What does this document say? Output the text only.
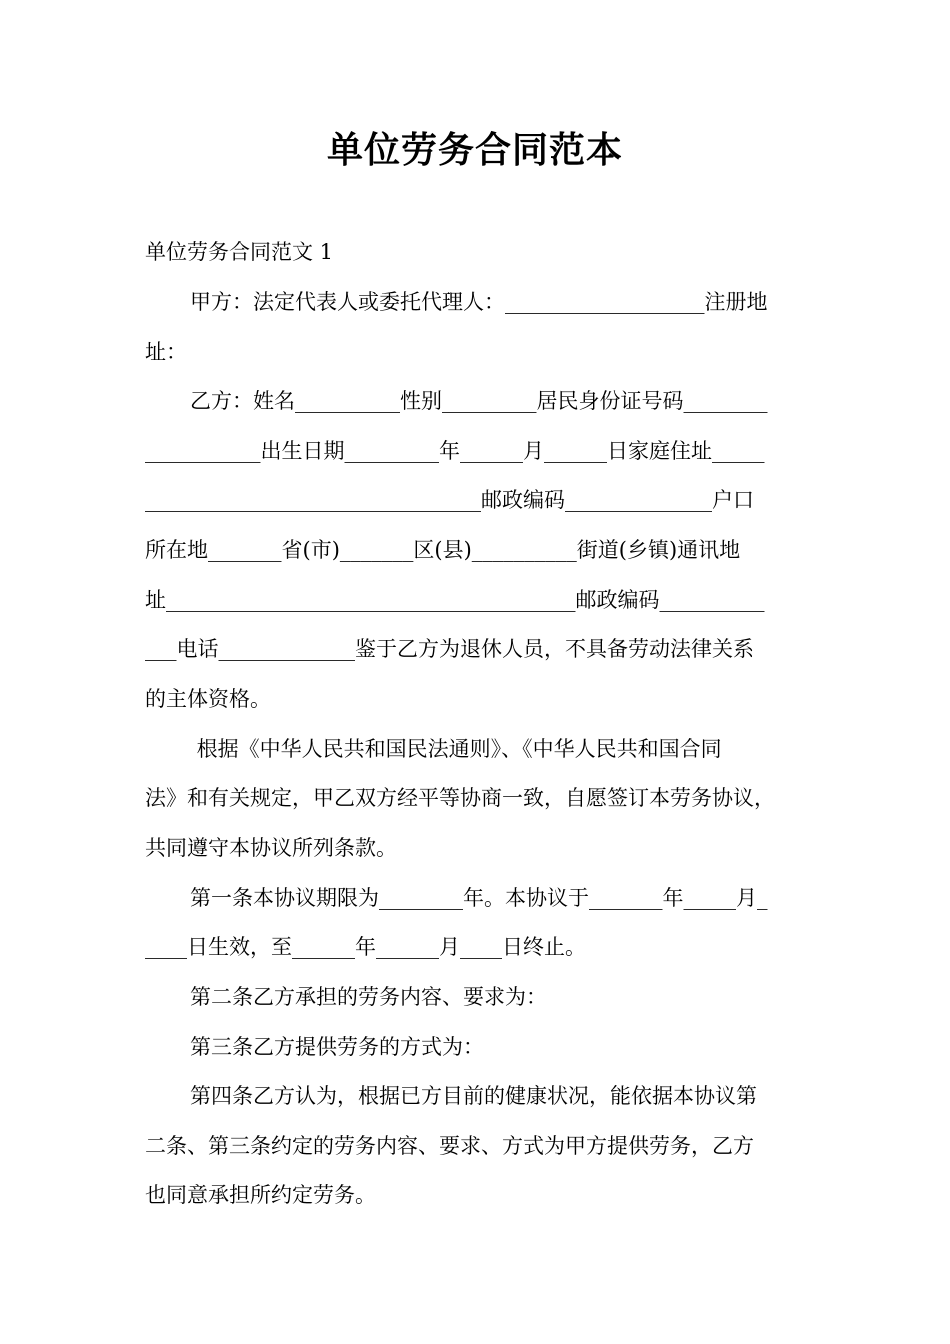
单位劳务合同范本
单位劳务合同范文 1
甲方：法定代表人或委托代理人：___________________注册地
址：
乙方：姓名__________性别_________居民身份证号码________
___________出生日期_________年______月______日家庭住址_____
________________________________邮政编码______________户口
所在地_______省(市)_______区(县)__________街道(乡镇)通讯地
址_______________________________________邮政编码__________
___电话_____________鉴于乙方为退休人员，不具备劳动法律关系
的主体资格。
根据《中华人民共和国民法通则》、《中华人民共和国合同
法》和有关规定，甲乙双方经平等协商一致，自愿签订本劳务协议，
共同遵守本协议所列条款。
第一条本协议期限为________年。本协议于_______年_____月_
____日生效，至______年______月____日终止。
第二条乙方承担的劳务内容、要求为：
第三条乙方提供劳务的方式为：
第四条乙方认为，根据已方目前的健康状况，能依据本协议第
二条、第三条约定的劳务内容、要求、方式为甲方提供劳务，乙方
也同意承担所约定劳务。
